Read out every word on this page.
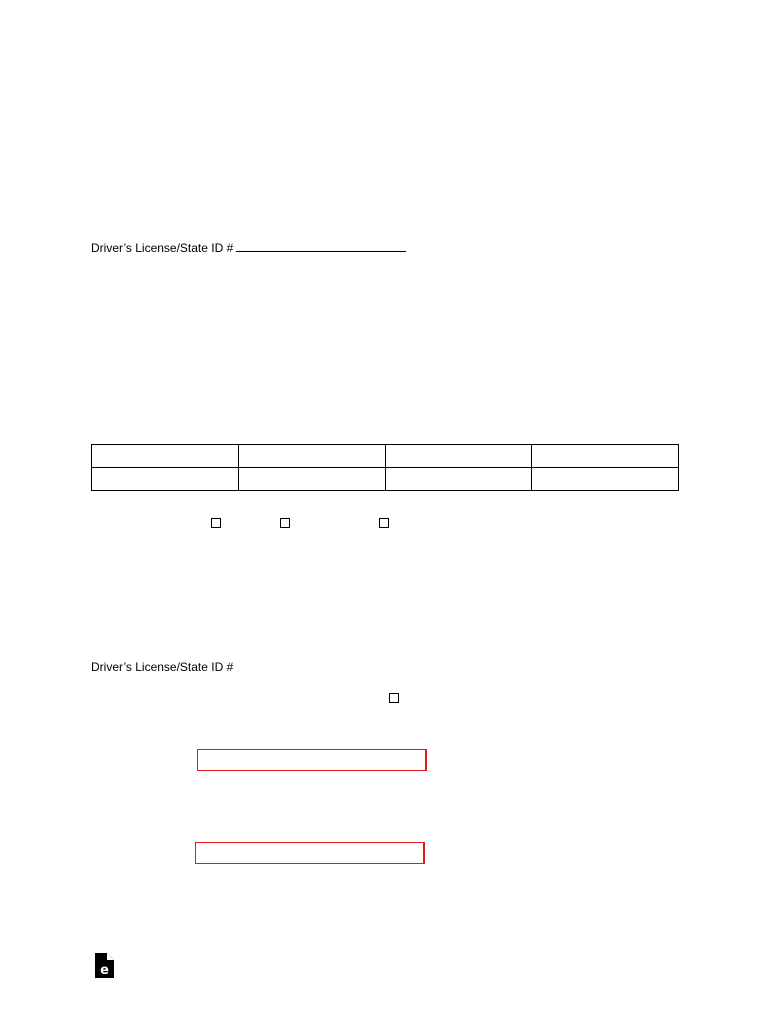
Driver’s License/State ID #

Driver’s License/State ID #
e
